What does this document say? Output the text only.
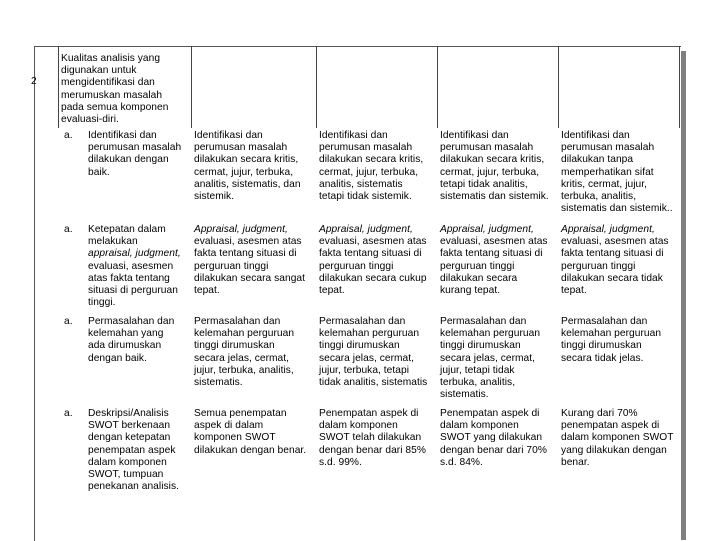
2
Kualitas analisis yang
digunakan untuk
mengidentifikasi dan
merumuskan masalah
pada semua komponen
evaluasi-diri.
a. Identifikasi dan
perumusan masalah
dilakukan dengan
baik.
Identifikasi dan
perumusan masalah
dilakukan secara kritis,
cermat, jujur, terbuka,
analitis, sistematis, dan
sistemik.
Identifikasi dan
perumusan masalah
dilakukan secara kritis,
cermat, jujur, terbuka,
analitis, sistematis
tetapi tidak sistemik.
Identifikasi dan
perumusan masalah
dilakukan secara kritis,
cermat, jujur, terbuka,
tetapi tidak analitis,
sistematis dan sistemik.
Identifikasi dan
perumusan masalah
dilakukan tanpa
memperhatikan sifat
kritis, cermat, jujur,
terbuka, analitis,
sistematis dan sistemik..
a. Ketepatan dalam
melakukan
appraisal, judgment,
evaluasi, asesmen
atas fakta tentang
situasi di perguruan
tinggi.
Appraisal, judgment,
evaluasi, asesmen atas
fakta tentang situasi di
perguruan tinggi
dilakukan secara sangat
tepat.
Appraisal, judgment,
evaluasi, asesmen atas
fakta tentang situasi di
perguruan tinggi
dilakukan secara cukup
tepat.
Appraisal, judgment,
evaluasi, asesmen atas
fakta tentang situasi di
perguruan tinggi
dilakukan secara
kurang tepat.
Appraisal, judgment,
evaluasi, asesmen atas
fakta tentang situasi di
perguruan tinggi
dilakukan secara tidak
tepat.
a. Permasalahan dan
kelemahan yang
ada dirumuskan
dengan baik.
Permasalahan dan
kelemahan perguruan
tinggi dirumuskan
secara jelas, cermat,
jujur, terbuka, analitis,
sistematis.
Permasalahan dan
kelemahan perguruan
tinggi dirumuskan
secara jelas, cermat,
jujur, terbuka, tetapi
tidak analitis, sistematis
Permasalahan dan
kelemahan perguruan
tinggi dirumuskan
secara jelas, cermat,
jujur, tetapi tidak
terbuka, analitis,
sistematis.
Permasalahan dan
kelemahan perguruan
tinggi dirumuskan
secara tidak jelas.
a. Deskripsi/Analisis
SWOT berkenaan
dengan ketepatan
penempatan aspek
dalam komponen
SWOT, tumpuan
penekanan analisis.
Semua penempatan
aspek di dalam
komponen SWOT
dilakukan dengan benar.
Penempatan aspek di
dalam komponen
SWOT telah dilakukan
dengan benar dari 85%
s.d. 99%.
Penempatan aspek di
dalam komponen
SWOT yang dilakukan
dengan benar dari 70%
s.d. 84%.
Kurang dari 70%
penempatan aspek di
dalam komponen SWOT
yang dilakukan dengan
benar.
